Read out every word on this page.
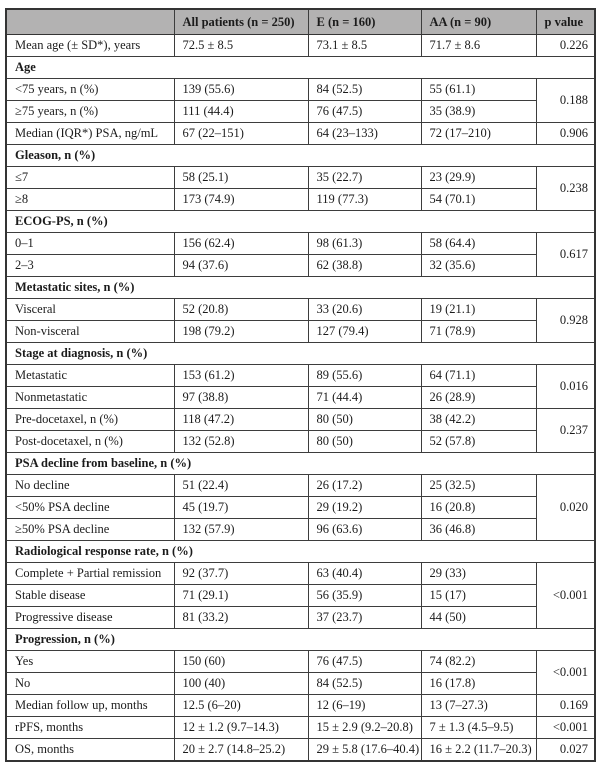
	All patients (n = 250)	E (n = 160)	AA (n = 90)	p value
Mean age (± SD*), years	72.5 ± 8.5	73.1 ± 8.5	71.7 ± 8.6	0.226
Age				
<75 years, n (%)	139 (55.6)	84 (52.5)	55 (61.1)	0.188
≥75 years, n (%)	111 (44.4)	76 (47.5)	35 (38.9)	
Median (IQR*) PSA, ng/mL	67 (22–151)	64 (23–133)	72 (17–210)	0.906
Gleason, n (%)				
≤7	58 (25.1)	35 (22.7)	23 (29.9)	0.238
≥8	173 (74.9)	119 (77.3)	54 (70.1)	
ECOG-PS, n (%)				
0–1	156 (62.4)	98 (61.3)	58 (64.4)	0.617
2–3	94 (37.6)	62 (38.8)	32 (35.6)	
Metastatic sites, n (%)				
Visceral	52 (20.8)	33 (20.6)	19 (21.1)	0.928
Non-visceral	198 (79.2)	127 (79.4)	71 (78.9)	
Stage at diagnosis, n (%)				
Metastatic	153 (61.2)	89 (55.6)	64 (71.1)	0.016
Nonmetastatic	97 (38.8)	71 (44.4)	26 (28.9)	
Pre-docetaxel, n (%)	118 (47.2)	80 (50)	38 (42.2)	0.237
Post-docetaxel, n (%)	132 (52.8)	80 (50)	52 (57.8)	
PSA decline from baseline, n (%)				
No decline	51 (22.4)	26 (17.2)	25 (32.5)	0.020
<50% PSA decline	45 (19.7)	29 (19.2)	16 (20.8)	
≥50% PSA decline	132 (57.9)	96 (63.6)	36 (46.8)	
Radiological response rate, n (%)				
Complete + Partial remission	92 (37.7)	63 (40.4)	29 (33)	<0.001
Stable disease	71 (29.1)	56 (35.9)	15 (17)	
Progressive disease	81 (33.2)	37 (23.7)	44 (50)	
Progression, n (%)				
Yes	150 (60)	76 (47.5)	74 (82.2)	<0.001
No	100 (40)	84 (52.5)	16 (17.8)	
Median follow up, months	12.5 (6–20)	12 (6–19)	13 (7–27.3)	0.169
rPFS, months	12 ± 1.2 (9.7–14.3)	15 ± 2.9 (9.2–20.8)	7 ± 1.3 (4.5–9.5)	<0.001
OS, months	20 ± 2.7 (14.8–25.2)	29 ± 5.8 (17.6–40.4)	16 ± 2.2 (11.7–20.3)	0.027
